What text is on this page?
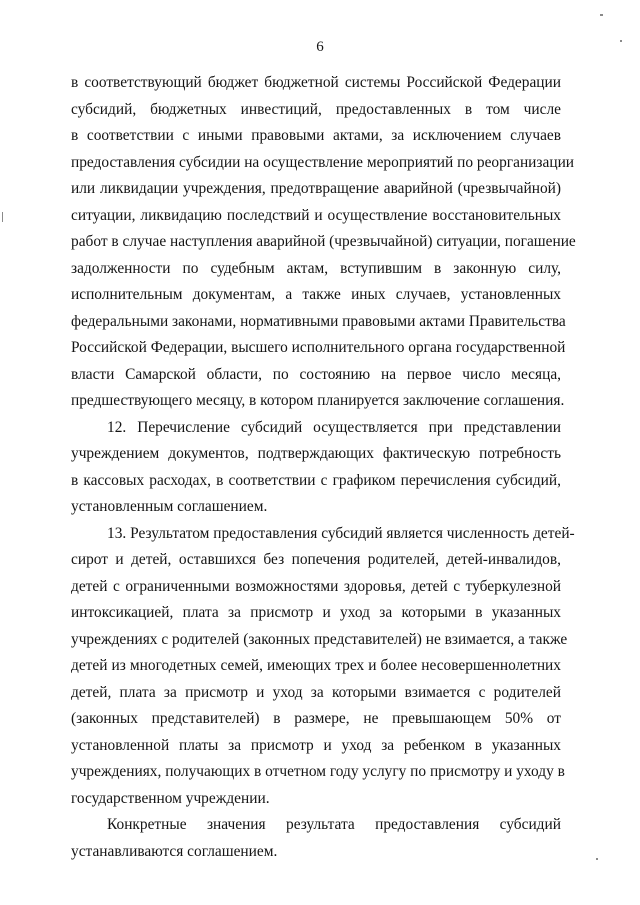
6
в соответствующий бюджет бюджетной системы Российской Федерации
субсидий, бюджетных инвестиций, предоставленных в том числе
в соответствии с иными правовыми актами, за исключением случаев
предоставления субсидии на осуществление мероприятий по реорганизации
или ликвидации учреждения, предотвращение аварийной (чрезвычайной)
ситуации, ликвидацию последствий и осуществление восстановительных
работ в случае наступления аварийной (чрезвычайной) ситуации, погашение
задолженности по судебным актам, вступившим в законную силу,
исполнительным документам, а также иных случаев, установленных
федеральными законами, нормативными правовыми актами Правительства
Российской Федерации, высшего исполнительного органа государственной
власти Самарской области, по состоянию на первое число месяца,
предшествующего месяцу, в котором планируется заключение соглашения.
12. Перечисление субсидий осуществляется при представлении
учреждением документов, подтверждающих фактическую потребность
в кассовых расходах, в соответствии с графиком перечисления субсидий,
установленным соглашением.
13. Результатом предоставления субсидий является численность детей-
сирот и детей, оставшихся без попечения родителей, детей-инвалидов,
детей с ограниченными возможностями здоровья, детей с туберкулезной
интоксикацией, плата за присмотр и уход за которыми в указанных
учреждениях с родителей (законных представителей) не взимается, а также
детей из многодетных семей, имеющих трех и более несовершеннолетних
детей, плата за присмотр и уход за которыми взимается с родителей
(законных представителей) в размере, не превышающем 50% от
установленной платы за присмотр и уход за ребенком в указанных
учреждениях, получающих в отчетном году услугу по присмотру и уходу в
государственном учреждении.
Конкретные значения результата предоставления субсидий
устанавливаются соглашением.
